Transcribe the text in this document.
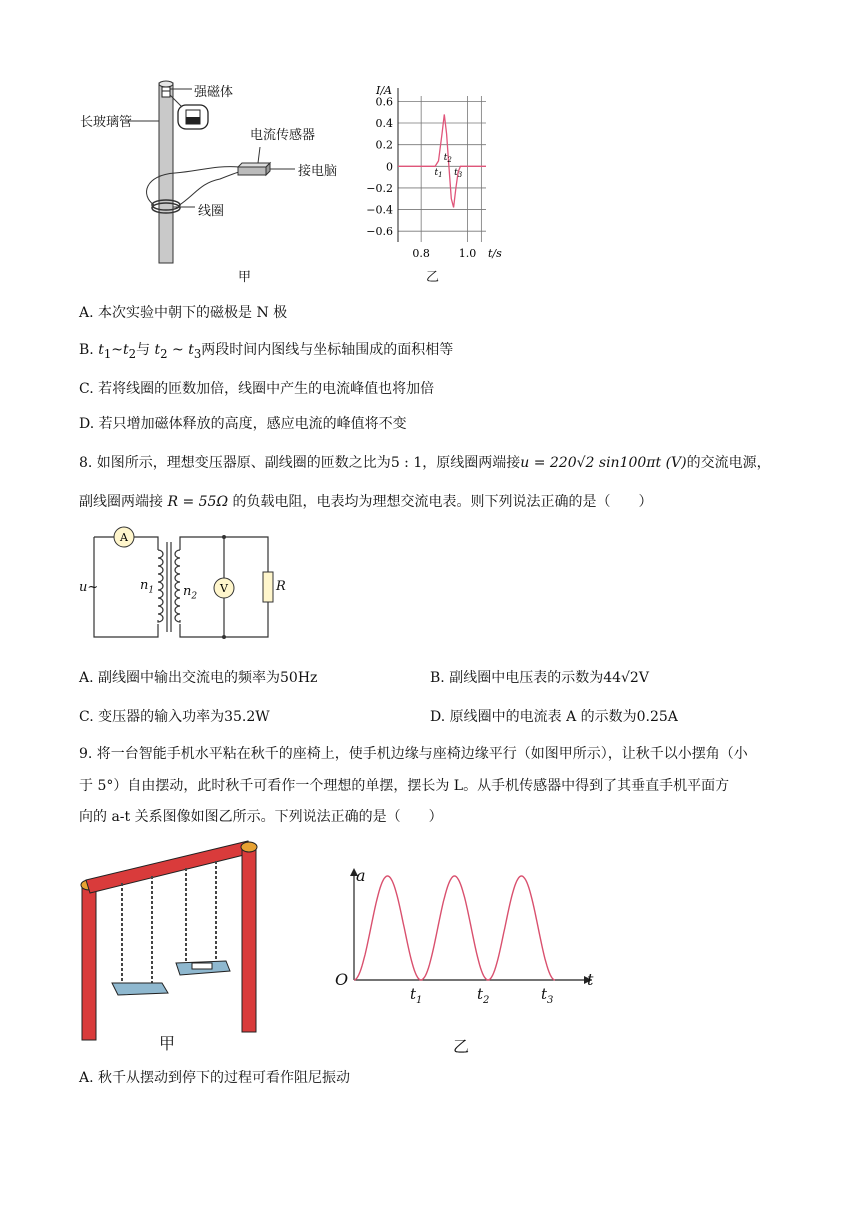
强磁体
长玻璃管
电流传感器
接电脑
线圈
甲
0.6
0.4
0.2
0
−0.2
−0.4
−0.6
0.8	1.0
I/A
t/s
$t_1$
$t_2$
$t_3$
乙
A. 本次实验中朝下的磁极是 N 极
B. $t_1\sim t_2$与 $t_2$ ~ $t_3$两段时间内图线与坐标轴围成的面积相等
C. 若将线圈的匝数加倍，线圈中产生的电流峰值也将加倍
D. 若只增加磁体释放的高度，感应电流的峰值将不变
8. 如图所示，理想变压器原、副线圈的匝数之比为5 : 1，原线圈两端接u = 220√2 sin100πt (V)的交流电源，
副线圈两端接 R = 55Ω 的负载电阻，电表均为理想交流电表。则下列说法正确的是（　　）
A
V
u~	$n_1$ $n_2$
R
A. 副线圈中输出交流电的频率为50Hz	B. 副线圈中电压表的示数为44√2V
C. 变压器的输入功率为35.2W	D. 原线圈中的电流表 A 的示数为0.25A
9. 将一台智能手机水平粘在秋千的座椅上，使手机边缘与座椅边缘平行（如图甲所示），让秋千以小摆角（小
于 5°）自由摆动，此时秋千可看作一个理想的单摆，摆长为 L。从手机传感器中得到了其垂直手机平面方
向的 a-t 关系图像如图乙所示。下列说法正确的是（　　）
甲
a
t
O
$t_1$	$t_2$	$t_3$
乙
A. 秋千从摆动到停下的过程可看作阻尼振动
